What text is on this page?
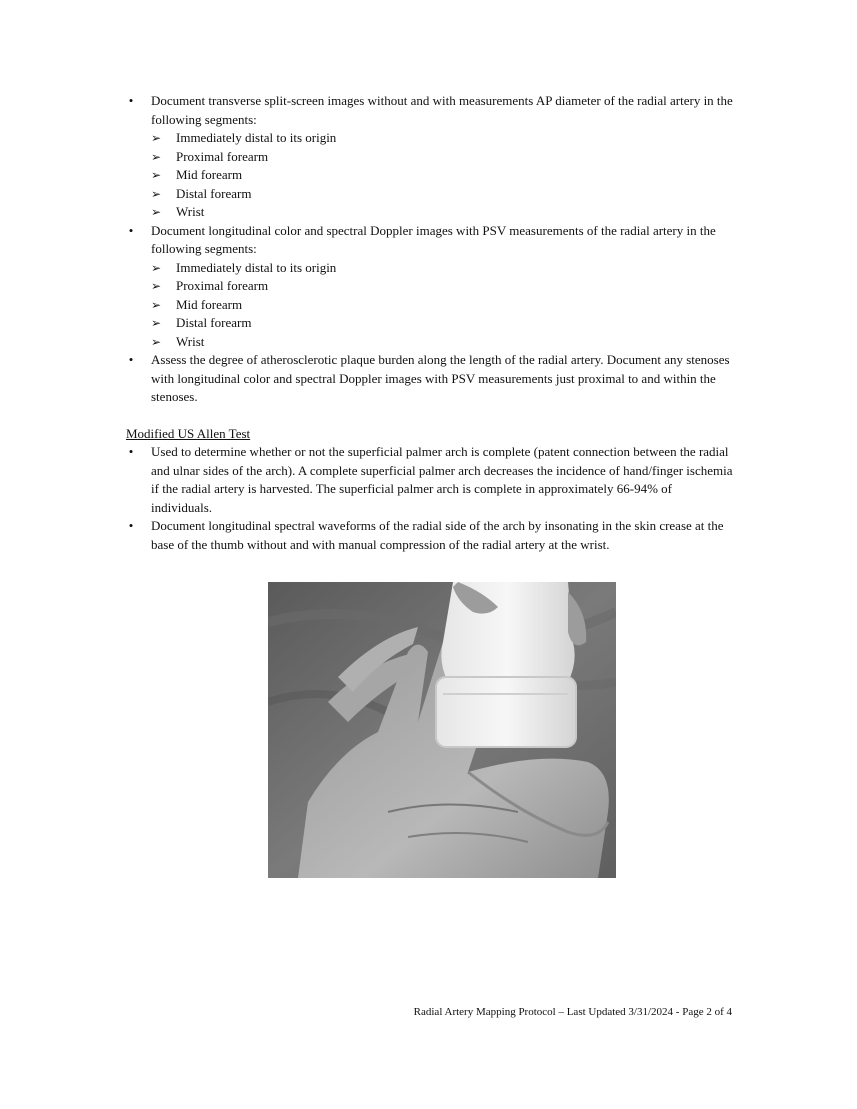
• Document transverse split-screen images without and with measurements AP diameter of the radial artery in the following segments:
➢ Immediately distal to its origin
➢ Proximal forearm
➢ Mid forearm
➢ Distal forearm
➢ Wrist
• Document longitudinal color and spectral Doppler images with PSV measurements of the radial artery in the following segments:
➢ Immediately distal to its origin
➢ Proximal forearm
➢ Mid forearm
➢ Distal forearm
➢ Wrist
• Assess the degree of atherosclerotic plaque burden along the length of the radial artery. Document any stenoses with longitudinal color and spectral Doppler images with PSV measurements just proximal to and within the stenoses.
Modified US Allen Test
• Used to determine whether or not the superficial palmer arch is complete (patent connection between the radial and ulnar sides of the arch). A complete superficial palmer arch decreases the incidence of hand/finger ischemia if the radial artery is harvested. The superficial palmer arch is complete in approximately 66-94% of individuals.
• Document longitudinal spectral waveforms of the radial side of the arch by insonating in the skin crease at the base of the thumb without and with manual compression of the radial artery at the wrist.
Radial Artery Mapping Protocol – Last Updated 3/31/2024 - Page 2 of 4
